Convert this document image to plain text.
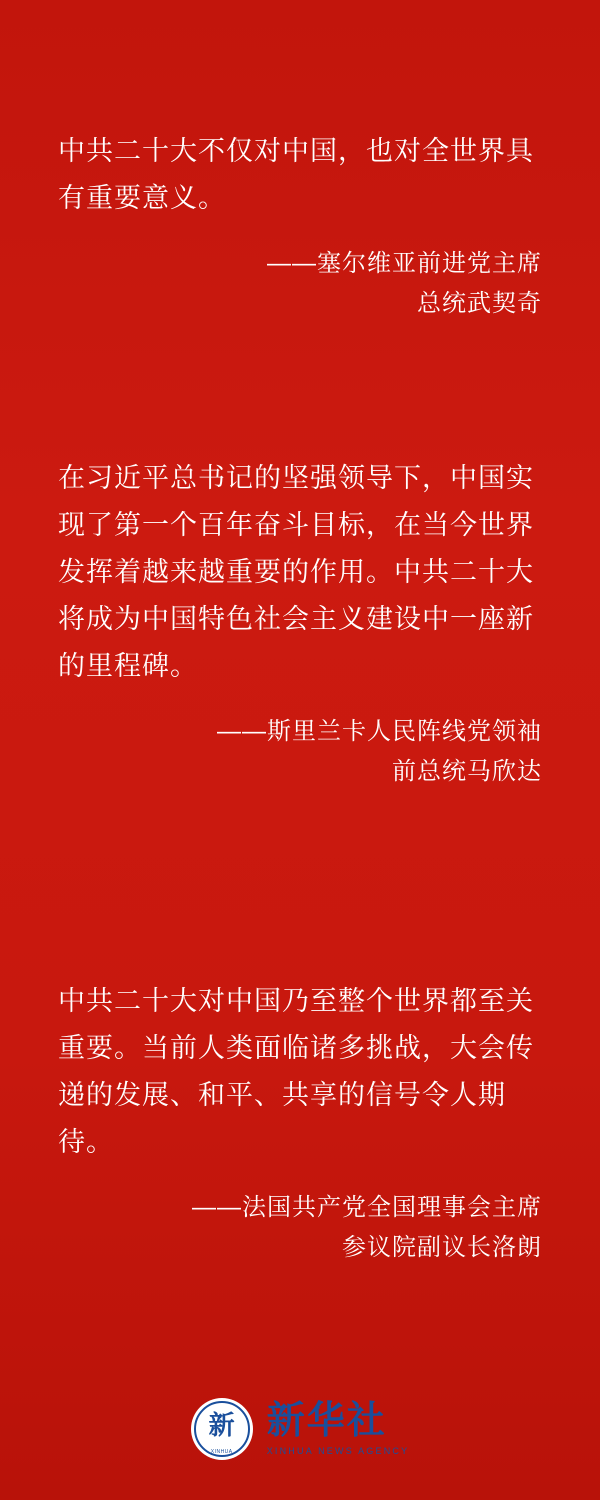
中共二十大不仅对中国，也对全世界具有重要意义。
——塞尔维亚前进党主席
总统武契奇
在习近平总书记的坚强领导下，中国实现了第一个百年奋斗目标，在当今世界发挥着越来越重要的作用。中共二十大将成为中国特色社会主义建设中一座新的里程碑。
——斯里兰卡人民阵线党领袖
前总统马欣达
中共二十大对中国乃至整个世界都至关重要。当前人类面临诸多挑战，大会传递的发展、和平、共享的信号令人期待。
——法国共产党全国理事会主席
参议院副议长洛朗
新
XINHUA
新华社
XINHUA NEWS AGENCY
